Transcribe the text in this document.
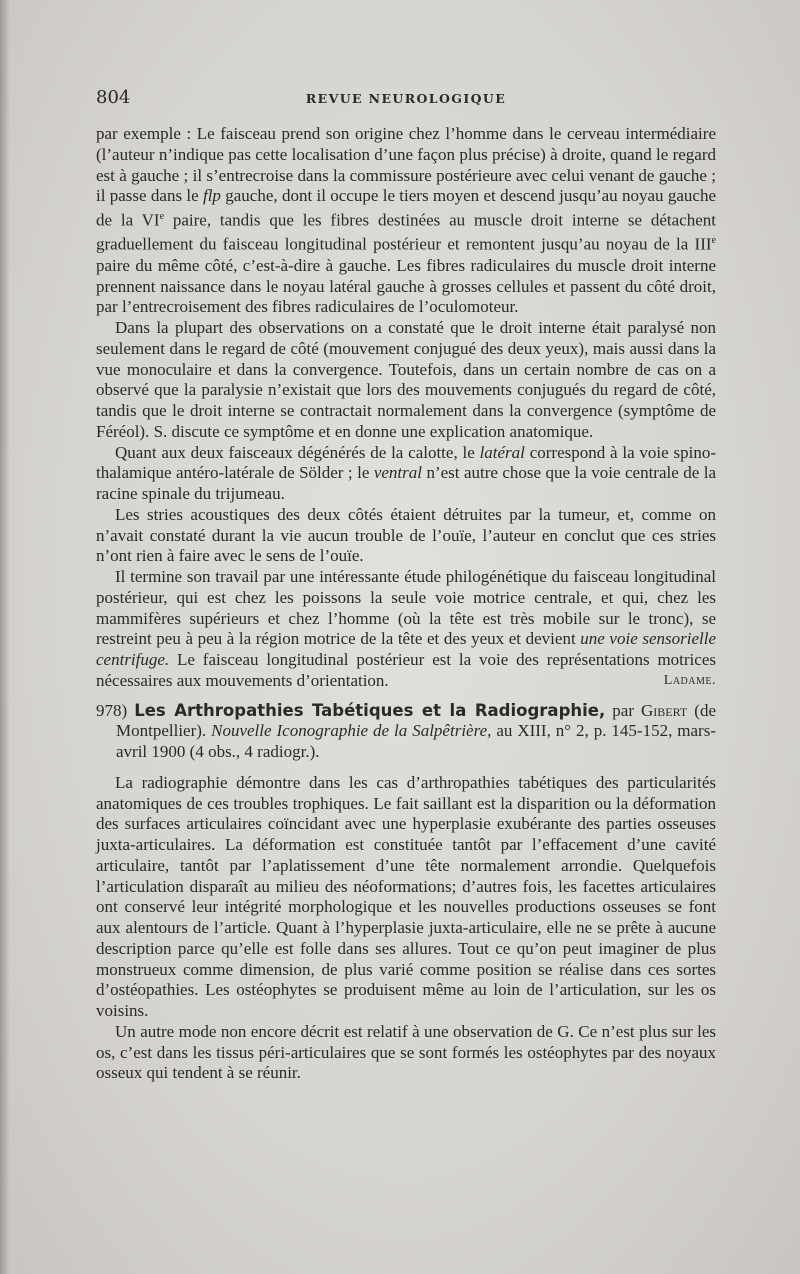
804	REVUE NEUROLOGIQUE

par exemple : Le faisceau prend son origine chez l’homme dans le cerveau intermédiaire (l’auteur n’indique pas cette localisation d’une façon plus précise) à droite, quand le regard est à gauche ; il s’entrecroise dans la commissure postérieure avec celui venant de gauche ; il passe dans le flp gauche, dont il occupe le tiers moyen et descend jusqu’au noyau gauche de la VIe paire, tandis que les fibres destinées au muscle droit interne se détachent graduellement du faisceau longitudinal postérieur et remontent jusqu’au noyau de la IIIe paire du même côté, c’est-à-dire à gauche. Les fibres radiculaires du muscle droit interne prennent naissance dans le noyau latéral gauche à grosses cellules et passent du côté droit, par l’entrecroisement des fibres radiculaires de l’oculomoteur.

Dans la plupart des observations on a constaté que le droit interne était paralysé non seulement dans le regard de côté (mouvement conjugué des deux yeux), mais aussi dans la vue monoculaire et dans la convergence. Toutefois, dans un certain nombre de cas on a observé que la paralysie n’existait que lors des mouvements conjugués du regard de côté, tandis que le droit interne se contractait normalement dans la convergence (symptôme de Féréol). S. discute ce symptôme et en donne une explication anatomique.

Quant aux deux faisceaux dégénérés de la calotte, le latéral correspond à la voie spino-thalamique antéro-latérale de Sölder ; le ventral n’est autre chose que la voie centrale de la racine spinale du trijumeau.

Les stries acoustiques des deux côtés étaient détruites par la tumeur, et, comme on n’avait constaté durant la vie aucun trouble de l’ouïe, l’auteur en conclut que ces stries n’ont rien à faire avec le sens de l’ouïe.

Il termine son travail par une intéressante étude philogénétique du faisceau longitudinal postérieur, qui est chez les poissons la seule voie motrice centrale, et qui, chez les mammifères supérieurs et chez l’homme (où la tête est très mobile sur le tronc), se restreint peu à peu à la région motrice de la tête et des yeux et devient une voie sensorielle centrifuge. Le faisceau longitudinal postérieur est la voie des représentations motrices nécessaires aux mouvements d’orientation.	Ladame.

978) Les Arthropathies Tabétiques et la Radiographie, par Gibert (de Montpellier). Nouvelle Iconographie de la Salpêtrière, au XIII, n° 2, p. 145-152, mars-avril 1900 (4 obs., 4 radiogr.).

La radiographie démontre dans les cas d’arthropathies tabétiques des particularités anatomiques de ces troubles trophiques. Le fait saillant est la disparition ou la déformation des surfaces articulaires coïncidant avec une hyperplasie exubérante des parties osseuses juxta-articulaires. La déformation est constituée tantôt par l’effacement d’une cavité articulaire, tantôt par l’aplatissement d’une tête normalement arrondie. Quelquefois l’articulation disparaît au milieu des néoformations; d’autres fois, les facettes articulaires ont conservé leur intégrité morphologique et les nouvelles productions osseuses se font aux alentours de l’article. Quant à l’hyperplasie juxta-articulaire, elle ne se prête à aucune description parce qu’elle est folle dans ses allures. Tout ce qu’on peut imaginer de plus monstrueux comme dimension, de plus varié comme position se réalise dans ces sortes d’ostéopathies. Les ostéophytes se produisent même au loin de l’articulation, sur les os voisins.

Un autre mode non encore décrit est relatif à une observation de G. Ce n’est plus sur les os, c’est dans les tissus péri-articulaires que se sont formés les ostéophytes par des noyaux osseux qui tendent à se réunir.
